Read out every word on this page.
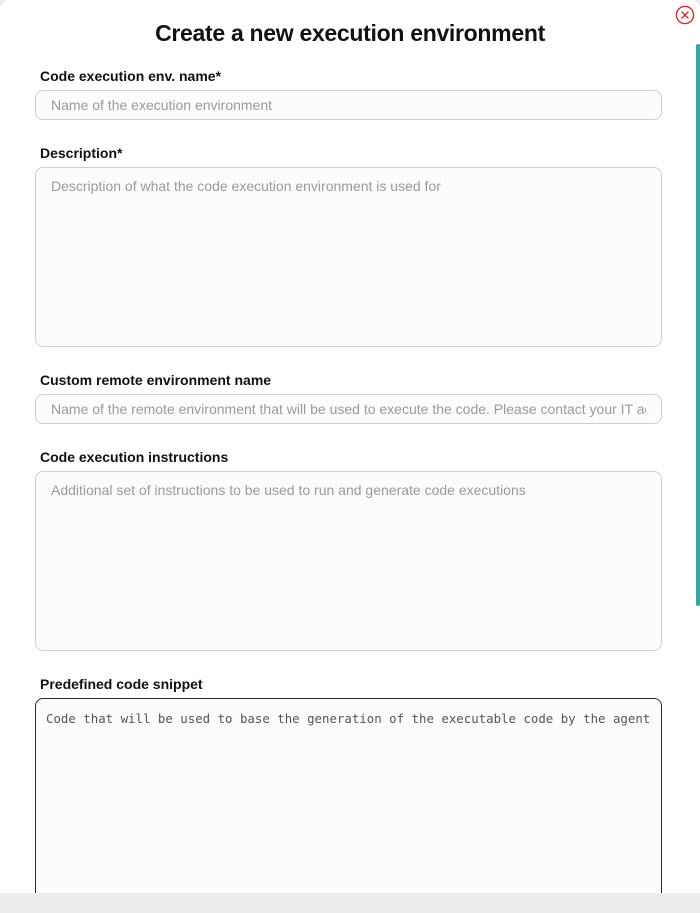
Create a new execution environment
Code execution env. name*
Name of the execution environment
Description*
Description of what the code execution environment is used for
Custom remote environment name
Name of the remote environment that will be used to execute the code. Please contact your IT administrator
Code execution instructions
Additional set of instructions to be used to run and generate code executions
Predefined code snippet
Code that will be used to base the generation of the executable code by the agent
